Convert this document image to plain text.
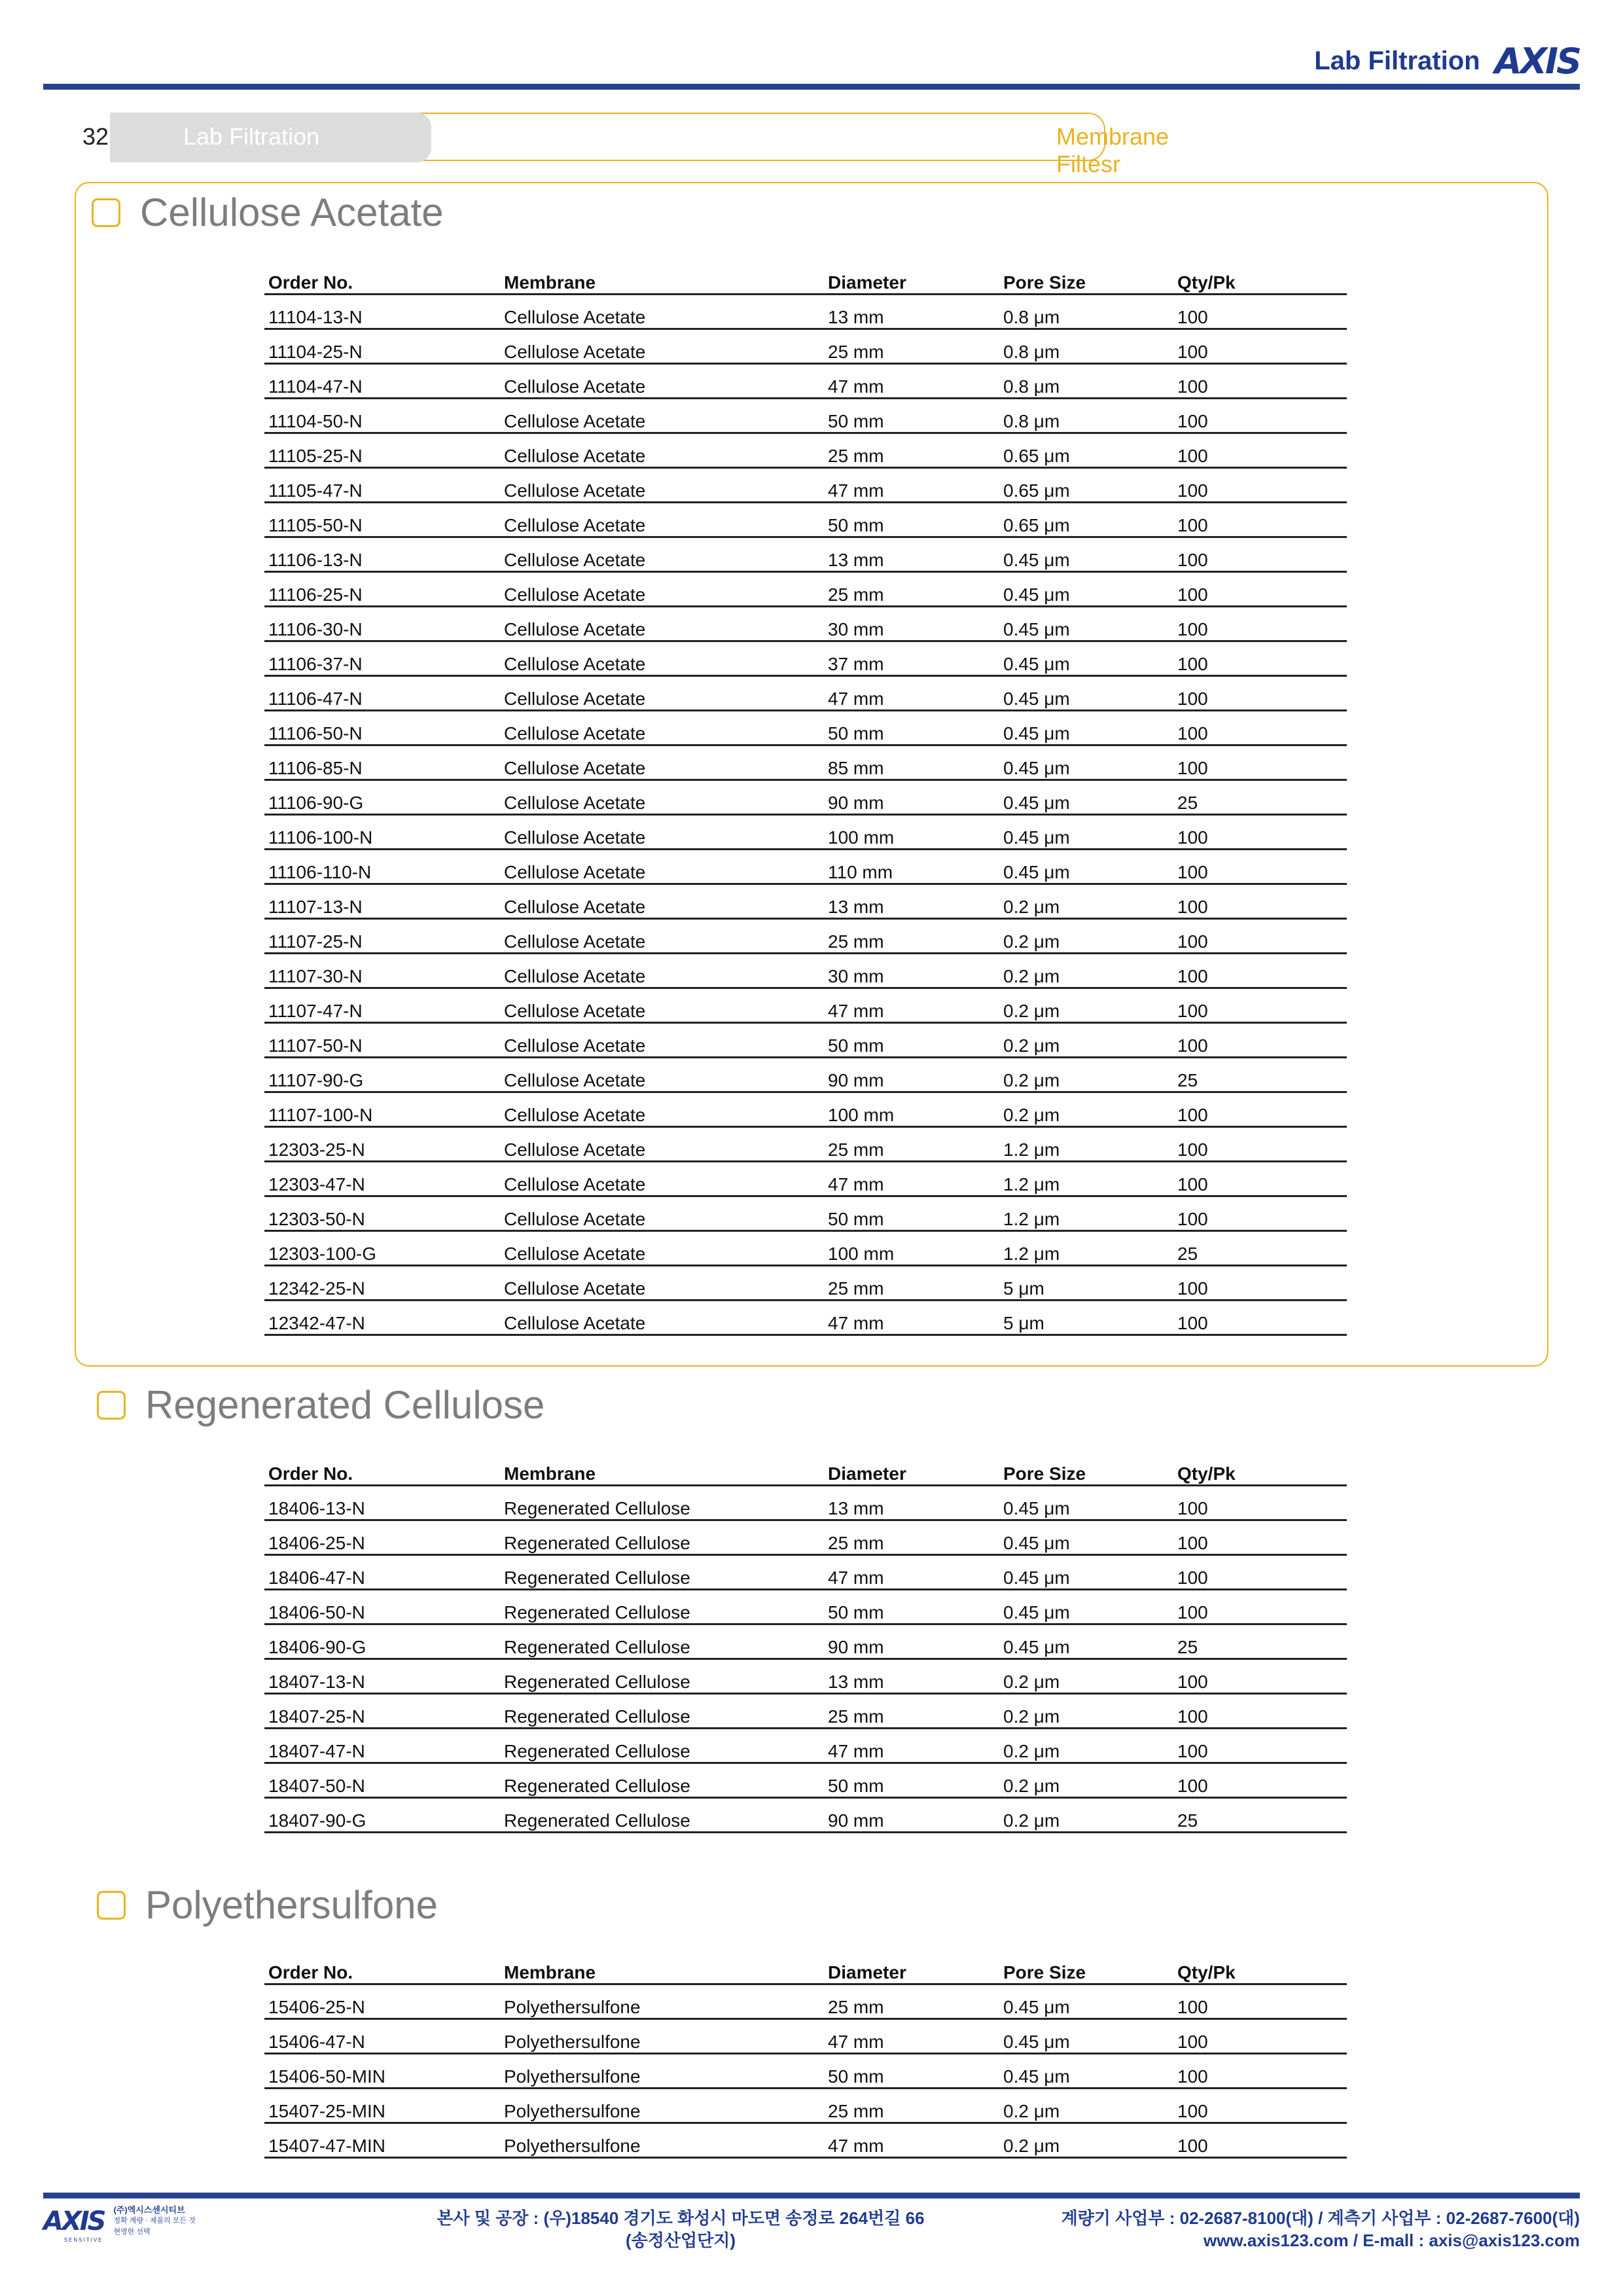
Lab Filtration AXIS
32	Lab Filtration	Membrane Filtesr
Cellulose Acetate
Order No.	Membrane	Diameter	Pore Size	Qty/Pk
11104-13-N	Cellulose Acetate	13 mm	0.8 μm	100
11104-25-N	Cellulose Acetate	25 mm	0.8 μm	100
11104-47-N	Cellulose Acetate	47 mm	0.8 μm	100
11104-50-N	Cellulose Acetate	50 mm	0.8 μm	100
11105-25-N	Cellulose Acetate	25 mm	0.65 μm	100
11105-47-N	Cellulose Acetate	47 mm	0.65 μm	100
11105-50-N	Cellulose Acetate	50 mm	0.65 μm	100
11106-13-N	Cellulose Acetate	13 mm	0.45 μm	100
11106-25-N	Cellulose Acetate	25 mm	0.45 μm	100
11106-30-N	Cellulose Acetate	30 mm	0.45 μm	100
11106-37-N	Cellulose Acetate	37 mm	0.45 μm	100
11106-47-N	Cellulose Acetate	47 mm	0.45 μm	100
11106-50-N	Cellulose Acetate	50 mm	0.45 μm	100
11106-85-N	Cellulose Acetate	85 mm	0.45 μm	100
11106-90-G	Cellulose Acetate	90 mm	0.45 μm	25
11106-100-N	Cellulose Acetate	100 mm	0.45 μm	100
11106-110-N	Cellulose Acetate	110 mm	0.45 μm	100
11107-13-N	Cellulose Acetate	13 mm	0.2 μm	100
11107-25-N	Cellulose Acetate	25 mm	0.2 μm	100
11107-30-N	Cellulose Acetate	30 mm	0.2 μm	100
11107-47-N	Cellulose Acetate	47 mm	0.2 μm	100
11107-50-N	Cellulose Acetate	50 mm	0.2 μm	100
11107-90-G	Cellulose Acetate	90 mm	0.2 μm	25
11107-100-N	Cellulose Acetate	100 mm	0.2 μm	100
12303-25-N	Cellulose Acetate	25 mm	1.2 μm	100
12303-47-N	Cellulose Acetate	47 mm	1.2 μm	100
12303-50-N	Cellulose Acetate	50 mm	1.2 μm	100
12303-100-G	Cellulose Acetate	100 mm	1.2 μm	25
12342-25-N	Cellulose Acetate	25 mm	5 μm	100
12342-47-N	Cellulose Acetate	47 mm	5 μm	100
Regenerated Cellulose
Order No.	Membrane	Diameter	Pore Size	Qty/Pk
18406-13-N	Regenerated Cellulose	13 mm	0.45 μm	100
18406-25-N	Regenerated Cellulose	25 mm	0.45 μm	100
18406-47-N	Regenerated Cellulose	47 mm	0.45 μm	100
18406-50-N	Regenerated Cellulose	50 mm	0.45 μm	100
18406-90-G	Regenerated Cellulose	90 mm	0.45 μm	25
18407-13-N	Regenerated Cellulose	13 mm	0.2 μm	100
18407-25-N	Regenerated Cellulose	25 mm	0.2 μm	100
18407-47-N	Regenerated Cellulose	47 mm	0.2 μm	100
18407-50-N	Regenerated Cellulose	50 mm	0.2 μm	100
18407-90-G	Regenerated Cellulose	90 mm	0.2 μm	25
Polyethersulfone
Order No.	Membrane	Diameter	Pore Size	Qty/Pk
15406-25-N	Polyethersulfone	25 mm	0.45 μm	100
15406-47-N	Polyethersulfone	47 mm	0.45 μm	100
15406-50-MIN	Polyethersulfone	50 mm	0.45 μm	100
15407-25-MIN	Polyethersulfone	25 mm	0.2 μm	100
15407-47-MIN	Polyethersulfone	47 mm	0.2 μm	100
AXIS
SENSITIVE
(주)엑시스센시티브
정확 계량 · 제품의 모든 것
현명한 선택
본사 및 공장 : (우)18540 경기도 화성시 마도면 송정로 264번길 66
(송정산업단지)
계량기 사업부 : 02-2687-8100(대) / 계측기 사업부 : 02-2687-7600(대)
www.axis123.com / E-mall : axis@axis123.com
